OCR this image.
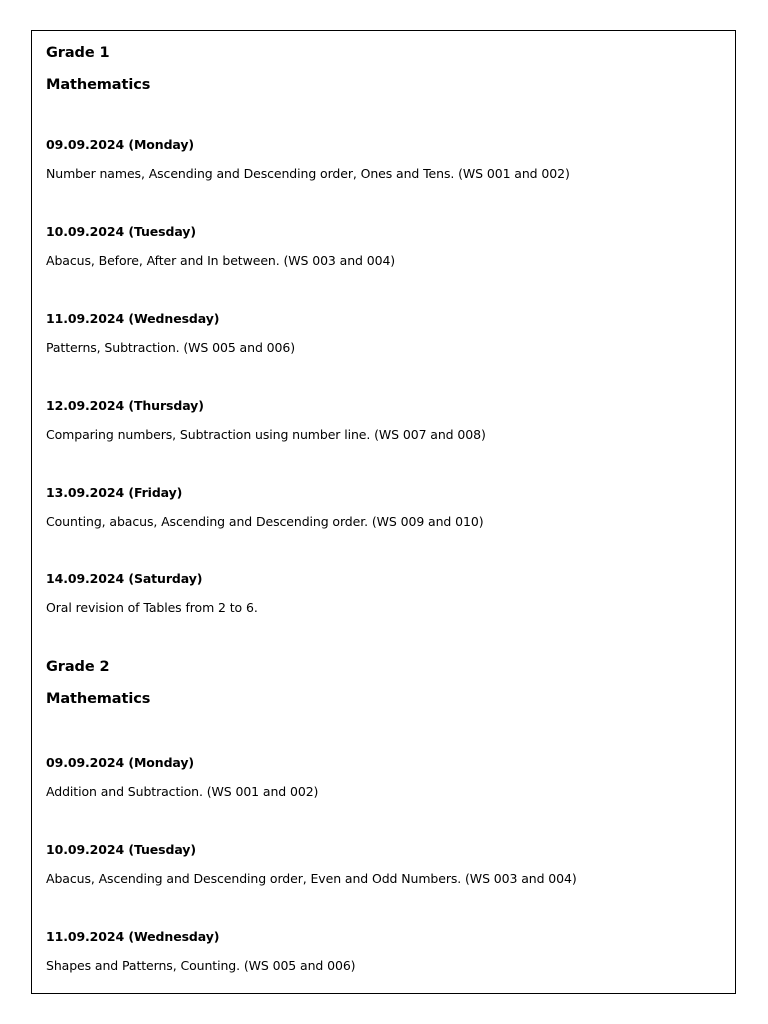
Grade 1
Mathematics
09.09.2024 (Monday)
Number names, Ascending and Descending order, Ones and Tens. (WS 001 and 002)
10.09.2024 (Tuesday)
Abacus, Before, After and In between. (WS 003 and 004)
11.09.2024 (Wednesday)
Patterns, Subtraction. (WS 005 and 006)
12.09.2024 (Thursday)
Comparing numbers, Subtraction using number line. (WS 007 and 008)
13.09.2024 (Friday)
Counting, abacus, Ascending and Descending order. (WS 009 and 010)
14.09.2024 (Saturday)
Oral revision of Tables from 2 to 6.
Grade 2
Mathematics
09.09.2024 (Monday)
Addition and Subtraction. (WS 001 and 002)
10.09.2024 (Tuesday)
Abacus, Ascending and Descending order, Even and Odd Numbers. (WS 003 and 004)
11.09.2024 (Wednesday)
Shapes and Patterns, Counting. (WS 005 and 006)
